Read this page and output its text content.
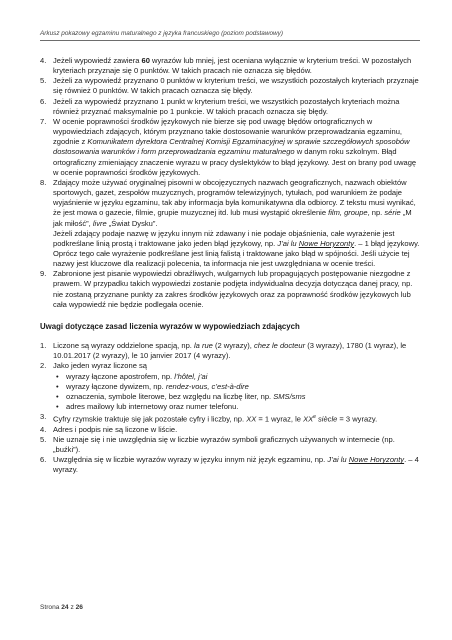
Arkusz pokazowy egzaminu maturalnego z języka francuskiego (poziom podstawowy)
4. Jeżeli wypowiedź zawiera 60 wyrazów lub mniej, jest oceniana wyłącznie w kryterium treści. W pozostałych kryteriach przyznaje się 0 punktów. W takich pracach nie oznacza się błędów.
5. Jeżeli za wypowiedź przyznano 0 punktów w kryterium treści, we wszystkich pozostałych kryteriach przyznaje się również 0 punktów. W takich pracach oznacza się błędy.
6. Jeżeli za wypowiedź przyznano 1 punkt w kryterium treści, we wszystkich pozostałych kryteriach można również przyznać maksymalnie po 1 punkcie. W takich pracach oznacza się błędy.
7. W ocenie poprawności środków językowych nie bierze się pod uwagę błędów ortograficznych w wypowiedziach zdających, którym przyznano takie dostosowanie warunków przeprowadzania egzaminu, zgodnie z Komunikatem dyrektora Centralnej Komisji Egzaminacyjnej w sprawie szczegółowych sposobów dostosowania warunków i form przeprowadzania egzaminu maturalnego w danym roku szkolnym. Błąd ortograficzny zmieniający znaczenie wyrazu w pracy dyslektyków to błąd językowy. Jest on brany pod uwagę w ocenie poprawności środków językowych.
8. Zdający może używać oryginalnej pisowni w obcojęzycznych nazwach geograficznych, nazwach obiektów sportowych, gazet, zespołów muzycznych, programów telewizyjnych, tytułach, pod warunkiem że podaje wyjaśnienie w języku egzaminu, tak aby informacja była komunikatywna dla odbiorcy. Z tekstu musi wynikać, że jest mowa o gazecie, filmie, grupie muzycznej itd. lub musi wystąpić określenie film, groupe, np. série „M jak miłość”, livre „Świat Dysku”.
Jeżeli zdający podaje nazwę w języku innym niż zdawany i nie podaje objaśnienia, całe wyrażenie jest podkreślane linią prostą i traktowane jako jeden błąd językowy, np. J’ai lu Nowe Horyzonty. – 1 błąd językowy. Oprócz tego całe wyrażenie podkreślane jest linią falistą i traktowane jako błąd w spójności. Jeśli użycie tej nazwy jest kluczowe dla realizacji polecenia, ta informacja nie jest uwzględniana w ocenie treści.
9. Zabronione jest pisanie wypowiedzi obraźliwych, wulgarnych lub propagujących postępowanie niezgodne z prawem. W przypadku takich wypowiedzi zostanie podjęta indywidualna decyzja dotycząca danej pracy, np. nie zostaną przyznane punkty za zakres środków językowych oraz za poprawność środków językowych lub cała wypowiedź nie będzie podlegała ocenie.
Uwagi dotyczące zasad liczenia wyrazów w wypowiedziach zdających
1. Liczone są wyrazy oddzielone spacją, np. la rue (2 wyrazy), chez le docteur (3 wyrazy), 1780 (1 wyraz), le 10.01.2017 (2 wyrazy), le 10 janvier 2017 (4 wyrazy).
2. Jako jeden wyraz liczone są
• wyrazy łączone apostrofem, np. l’hôtel, j’ai
• wyrazy łączone dywizem, np. rendez-vous, c’est-à-dire
• oznaczenia, symbole literowe, bez względu na liczbę liter, np. SMS/sms
• adres mailowy lub internetowy oraz numer telefonu.
3. Cyfry rzymskie traktuje się jak pozostałe cyfry i liczby, np. XX = 1 wyraz, le XXe siècle = 3 wyrazy.
4. Adres i podpis nie są liczone w liście.
5. Nie uznaje się i nie uwzględnia się w liczbie wyrazów symboli graficznych używanych w internecie (np. „buźki”).
6. Uwzględnia się w liczbie wyrazów wyrazy w języku innym niż język egzaminu, np. J’ai lu Nowe Horyzonty. – 4 wyrazy.
Strona 24 z 26
